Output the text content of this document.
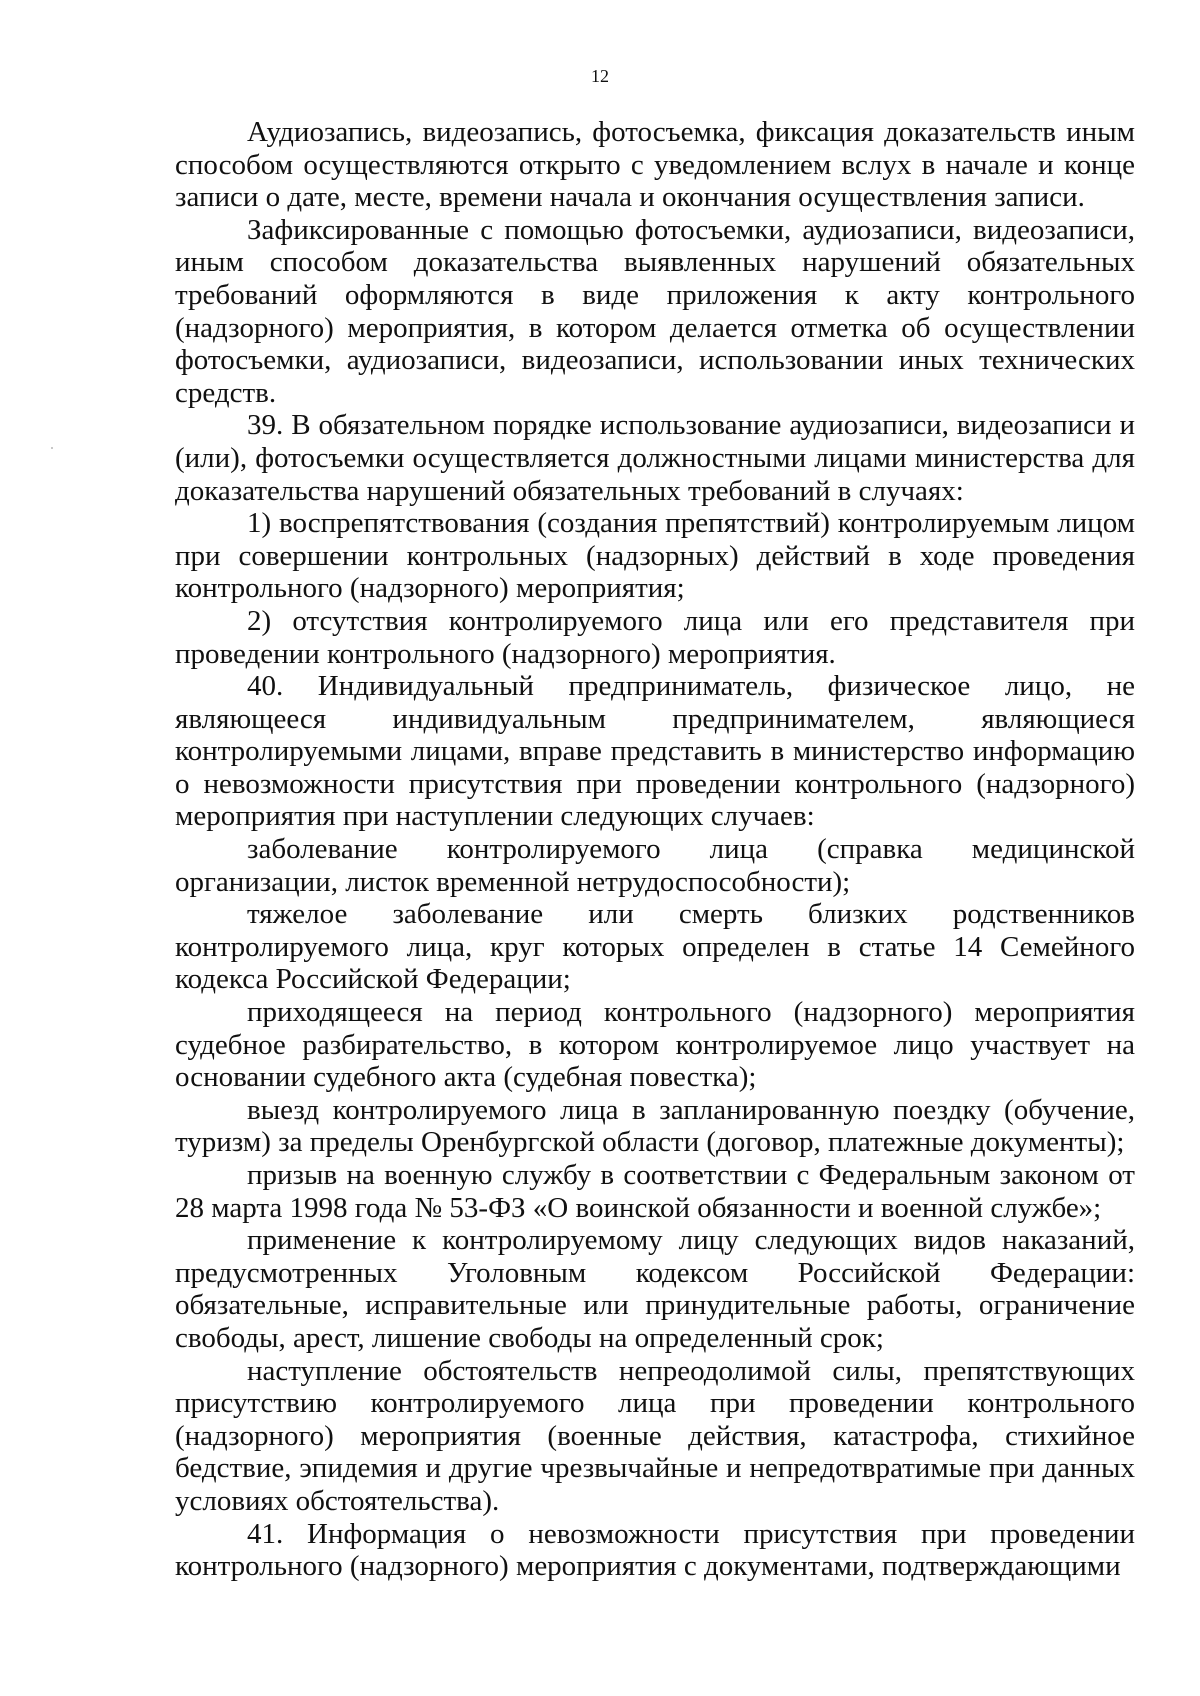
12

Аудиозапись, видеозапись, фотосъемка, фиксация доказательств иным способом осуществляются открыто с уведомлением вслух в начале и конце записи о дате, месте, времени начала и окончания осуществления записи.

Зафиксированные с помощью фотосъемки, аудиозаписи, видеозаписи, иным способом доказательства выявленных нарушений обязательных требований оформляются в виде приложения к акту контрольного (надзорного) мероприятия, в котором делается отметка об осуществлении фотосъемки, аудиозаписи, видеозаписи, использовании иных технических средств.

39. В обязательном порядке использование аудиозаписи, видеозаписи и (или), фотосъемки осуществляется должностными лицами министерства для доказательства нарушений обязательных требований в случаях:

1) воспрепятствования (создания препятствий) контролируемым лицом при совершении контрольных (надзорных) действий в ходе проведения контрольного (надзорного) мероприятия;

2) отсутствия контролируемого лица или его представителя при проведении контрольного (надзорного) мероприятия.

40. Индивидуальный предприниматель, физическое лицо, не являющееся индивидуальным предпринимателем, являющиеся контролируемыми лицами, вправе представить в министерство информацию о невозможности присутствия при проведении контрольного (надзорного) мероприятия при наступлении следующих случаев:

заболевание контролируемого лица (справка медицинской организации, листок временной нетрудоспособности);

тяжелое заболевание или смерть близких родственников контролируемого лица, круг которых определен в статье 14 Семейного кодекса Российской Федерации;

приходящееся на период контрольного (надзорного) мероприятия судебное разбирательство, в котором контролируемое лицо участвует на основании судебного акта (судебная повестка);

выезд контролируемого лица в запланированную поездку (обучение, туризм) за пределы Оренбургской области (договор, платежные документы);

призыв на военную службу в соответствии с Федеральным законом от 28 марта 1998 года № 53-ФЗ «О воинской обязанности и военной службе»;

применение к контролируемому лицу следующих видов наказаний, предусмотренных Уголовным кодексом Российской Федерации: обязательные, исправительные или принудительные работы, ограничение свободы, арест, лишение свободы на определенный срок;

наступление обстоятельств непреодолимой силы, препятствующих присутствию контролируемого лица при проведении контрольного (надзорного) мероприятия (военные действия, катастрофа, стихийное бедствие, эпидемия и другие чрезвычайные и непредотвратимые при данных условиях обстоятельства).

41. Информация о невозможности присутствия при проведении контрольного (надзорного) мероприятия с документами, подтверждающими
